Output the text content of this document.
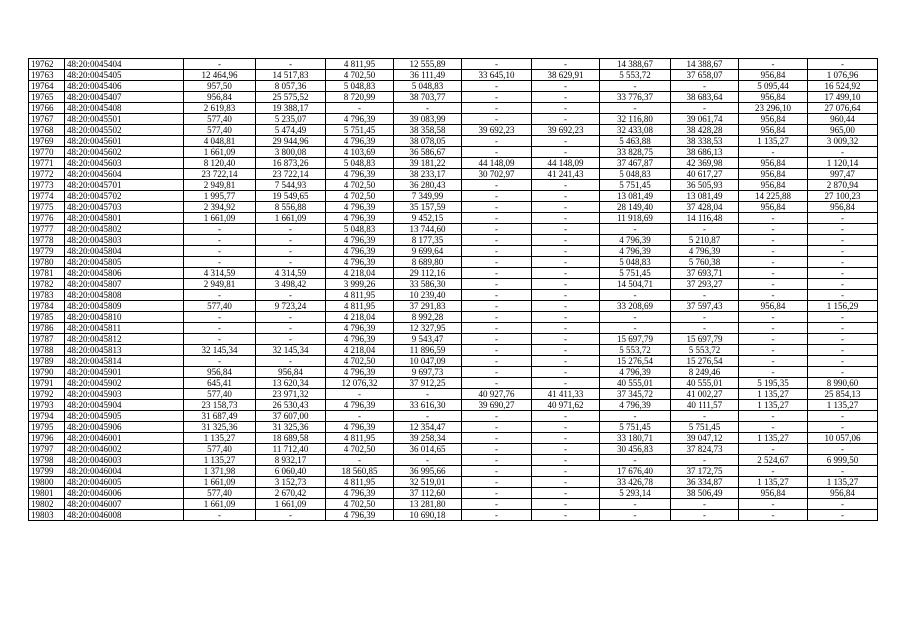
19762	48:20:0045404	-	-	4 811,95	12 555,89	-	-	14 388,67	14 388,67	-	-
19763	48:20:0045405	12 464,96	14 517,83	4 702,50	36 111,49	33 645,10	38 629,91	5 553,72	37 658,07	956,84	1 076,96
19764	48:20:0045406	957,50	8 057,36	5 048,83	5 048,83	-	-	-	-	5 095,44	16 524,92
19765	48:20:0045407	956,84	25 575,52	8 720,99	38 703,77	-	-	33 776,37	38 683,64	956,84	17 499,10
19766	48:20:0045408	2 619,83	19 388,17	-	-	-	-	-	-	23 296,10	27 076,64
19767	48:20:0045501	577,40	5 235,07	4 796,39	39 083,99	-	-	32 116,80	39 061,74	956,84	960,44
19768	48:20:0045502	577,40	5 474,49	5 751,45	38 358,58	39 692,23	39 692,23	32 433,08	38 428,28	956,84	965,00
19769	48:20:0045601	4 048,81	29 944,96	4 796,39	38 078,05	-	-	5 463,88	38 338,53	1 135,27	3 009,32
19770	48:20:0045602	1 661,09	3 800,08	4 103,69	36 586,67	-	-	33 828,75	38 686,13	-	-
19771	48:20:0045603	8 120,40	16 873,26	5 048,83	39 181,22	44 148,09	44 148,09	37 467,87	42 369,98	956,84	1 120,14
19772	48:20:0045604	23 722,14	23 722,14	4 796,39	38 233,17	30 702,97	41 241,43	5 048,83	40 617,27	956,84	997,47
19773	48:20:0045701	2 949,81	7 544,93	4 702,50	36 280,43	-	-	5 751,45	36 505,93	956,84	2 870,94
19774	48:20:0045702	1 995,77	19 549,65	4 702,50	7 349,99	-	-	13 081,49	13 081,49	14 225,88	27 100,23
19775	48:20:0045703	2 394,92	8 556,88	4 796,39	35 157,59	-	-	28 149,40	37 428,04	956,84	956,84
19776	48:20:0045801	1 661,09	1 661,09	4 796,39	9 452,15	-	-	11 918,69	14 116,48	-	-
19777	48:20:0045802	-	-	5 048,83	13 744,60	-	-	-	-	-	-
19778	48:20:0045803	-	-	4 796,39	8 177,35	-	-	4 796,39	5 210,87	-	-
19779	48:20:0045804	-	-	4 796,39	9 699,64	-	-	4 796,39	4 796,39	-	-
19780	48:20:0045805	-	-	4 796,39	8 689,80	-	-	5 048,83	5 760,38	-	-
19781	48:20:0045806	4 314,59	4 314,59	4 218,04	29 112,16	-	-	5 751,45	37 693,71	-	-
19782	48:20:0045807	2 949,81	3 498,42	3 999,26	33 586,30	-	-	14 504,71	37 293,27	-	-
19783	48:20:0045808	-	-	4 811,95	10 239,40	-	-	-	-	-	-
19784	48:20:0045809	577,40	9 723,24	4 811,95	37 291,83	-	-	33 208,69	37 597,43	956,84	1 156,29
19785	48:20:0045810	-	-	4 218,04	8 992,28	-	-	-	-	-	-
19786	48:20:0045811	-	-	4 796,39	12 327,95	-	-	-	-	-	-
19787	48:20:0045812	-	-	4 796,39	9 543,47	-	-	15 697,79	15 697,79	-	-
19788	48:20:0045813	32 145,34	32 145,34	4 218,04	11 896,59	-	-	5 553,72	5 553,72	-	-
19789	48:20:0045814	-	-	4 702,50	10 047,09	-	-	15 276,54	15 276,54	-	-
19790	48:20:0045901	956,84	956,84	4 796,39	9 697,73	-	-	4 796,39	8 249,46	-	-
19791	48:20:0045902	645,41	13 620,34	12 076,32	37 912,25	-	-	40 555,01	40 555,01	5 195,35	8 990,60
19792	48:20:0045903	577,40	23 971,32	-	-	40 927,76	41 411,33	37 345,72	41 002,27	1 135,27	25 854,13
19793	48:20:0045904	23 158,73	26 530,43	4 796,39	33 616,30	39 690,27	40 971,62	4 796,39	40 111,57	1 135,27	1 135,27
19794	48:20:0045905	31 687,49	37 607,00	-	-	-	-	-	-	-	-
19795	48:20:0045906	31 325,36	31 325,36	4 796,39	12 354,47	-	-	5 751,45	5 751,45	-	-
19796	48:20:0046001	1 135,27	18 689,58	4 811,95	39 258,34	-	-	33 180,71	39 047,12	1 135,27	10 057,06
19797	48:20:0046002	577,40	11 712,40	4 702,50	36 014,65	-	-	30 456,83	37 824,73	-	-
19798	48:20:0046003	1 135,27	8 932,17	-	-	-	-	-	-	2 524,67	6 999,50
19799	48:20:0046004	1 371,98	6 060,40	18 560,85	36 995,66	-	-	17 676,40	37 172,75	-	-
19800	48:20:0046005	1 661,09	3 152,73	4 811,95	32 519,01	-	-	33 426,78	36 334,87	1 135,27	1 135,27
19801	48:20:0046006	577,40	2 670,42	4 796,39	37 112,60	-	-	5 293,14	38 506,49	956,84	956,84
19802	48:20:0046007	1 661,09	1 661,09	4 702,50	13 281,80	-	-	-	-	-	-
19803	48:20:0046008	-	-	4 796,39	10 690,18	-	-	-	-	-	-
